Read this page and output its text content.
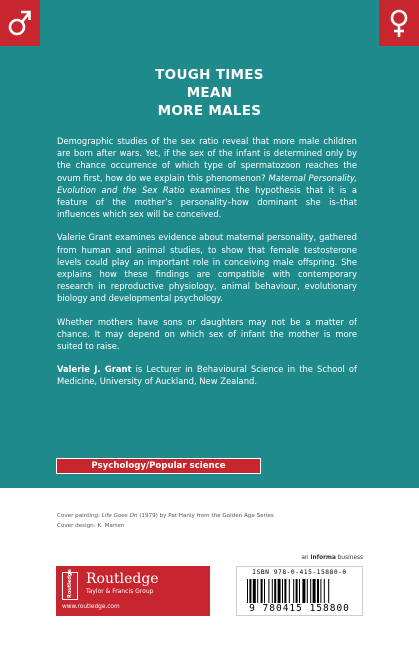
TOUGH TIMES
MEAN
MORE MALES

Demographic studies of the sex ratio reveal that more male children are born after wars. Yet, if the sex of the infant is determined only by the chance occurrence of which type of spermatozoon reaches the ovum first, how do we explain this phenomenon? Maternal Personality, Evolution and the Sex Ratio examines the hypothesis that it is a feature of the mother’s personality–how dominant she is–that influences which sex will be conceived.

Valerie Grant examines evidence about maternal personality, gathered from human and animal studies, to show that female testosterone levels could play an important role in conceiving male offspring. She explains how these findings are compatible with contemporary research in reproductive physiology, animal behaviour, evolutionary biology and developmental psychology.

Whether mothers have sons or daughters may not be a matter of chance. It may depend on which sex of infant the mother is more suited to raise.

Valerie J. Grant is Lecturer in Behavioural Science in the School of Medicine, University of Auckland, New Zealand.

Psychology/Popular science
Cover painting: Life Goes On (1979) by Pat Hanly from the Golden Age Series
Cover design: K. Marten
an informa business
Routledge Routledge
Taylor & Francis Group
www.routledge.com
ISBN 978-0-415-15880-0
9 780415 158800
